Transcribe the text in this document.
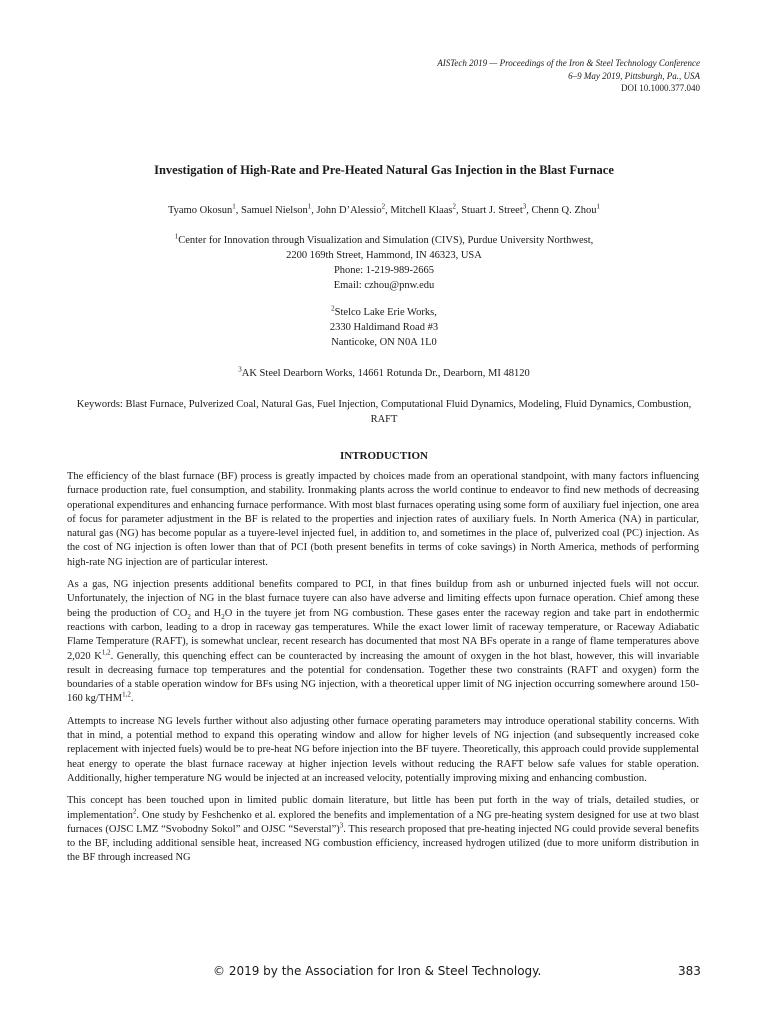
AISTech 2019 — Proceedings of the Iron & Steel Technology Conference
6–9 May 2019, Pittsburgh, Pa., USA
DOI 10.1000.377.040
Investigation of High-Rate and Pre-Heated Natural Gas Injection in the Blast Furnace
Tyamo Okosun$^1$, Samuel Nielson$^1$, John D’Alessio$^2$, Mitchell Klaas$^2$, Stuart J. Street$^3$, Chenn Q. Zhou$^1$
$^1$Center for Innovation through Visualization and Simulation (CIVS), Purdue University Northwest,
2200 169th Street, Hammond, IN 46323, USA
Phone: 1-219-989-2665
Email: czhou@pnw.edu
$^2$Stelco Lake Erie Works,
2330 Haldimand Road #3
Nanticoke, ON N0A 1L0
$^3$AK Steel Dearborn Works, 14661 Rotunda Dr., Dearborn, MI 48120
Keywords: Blast Furnace, Pulverized Coal, Natural Gas, Fuel Injection, Computational Fluid Dynamics, Modeling, Fluid Dynamics, Combustion, RAFT
INTRODUCTION

The efficiency of the blast furnace (BF) process is greatly impacted by choices made from an operational standpoint, with many factors influencing furnace production rate, fuel consumption, and stability. Ironmaking plants across the world continue to endeavor to find new methods of decreasing operational expenditures and enhancing furnace performance. With most blast furnaces operating using some form of auxiliary fuel injection, one area of focus for parameter adjustment in the BF is related to the properties and injection rates of auxiliary fuels. In North America (NA) in particular, natural gas (NG) has become popular as a tuyere-level injected fuel, in addition to, and sometimes in the place of, pulverized coal (PC) injection. As the cost of NG injection is often lower than that of PCI (both present benefits in terms of coke savings) in North America, methods of performing high-rate NG injection are of particular interest.

As a gas, NG injection presents additional benefits compared to PCI, in that fines buildup from ash or unburned injected fuels will not occur. Unfortunately, the injection of NG in the blast furnace tuyere can also have adverse and limiting effects upon furnace operation. Chief among these being the production of $CO_2$ and $H_2O$ in the tuyere jet from NG combustion. These gases enter the raceway region and take part in endothermic reactions with carbon, leading to a drop in raceway gas temperatures. While the exact lower limit of raceway temperature, or Raceway Adiabatic Flame Temperature (RAFT), is somewhat unclear, recent research has documented that most NA BFs operate in a range of flame temperatures above 2,020 K$^{1,2}$. Generally, this quenching effect can be counteracted by increasing the amount of oxygen in the hot blast, however, this will invariable result in decreasing furnace top temperatures and the potential for condensation. Together these two constraints (RAFT and oxygen) form the boundaries of a stable operation window for BFs using NG injection, with a theoretical upper limit of NG injection occurring somewhere around 150-160 kg/THM$^{1,2}$.

Attempts to increase NG levels further without also adjusting other furnace operating parameters may introduce operational stability concerns. With that in mind, a potential method to expand this operating window and allow for higher levels of NG injection (and subsequently increased coke replacement with injected fuels) would be to pre-heat NG before injection into the BF tuyere. Theoretically, this approach could provide supplemental heat energy to operate the blast furnace raceway at higher injection levels without reducing the RAFT below safe values for stable operation. Additionally, higher temperature NG would be injected at an increased velocity, potentially improving mixing and enhancing combustion.

This concept has been touched upon in limited public domain literature, but little has been put forth in the way of trials, detailed studies, or implementation$^2$. One study by Feshchenko et al. explored the benefits and implementation of a NG pre-heating system designed for use at two blast furnaces (OJSC LMZ “Svobodny Sokol” and OJSC “Severstal”)$^3$. This research proposed that pre-heating injected NG could provide several benefits to the BF, including additional sensible heat, increased NG combustion efficiency, increased hydrogen utilized (due to more uniform distribution in the BF through increased NG

© 2019 by the Association for Iron & Steel Technology.	383
